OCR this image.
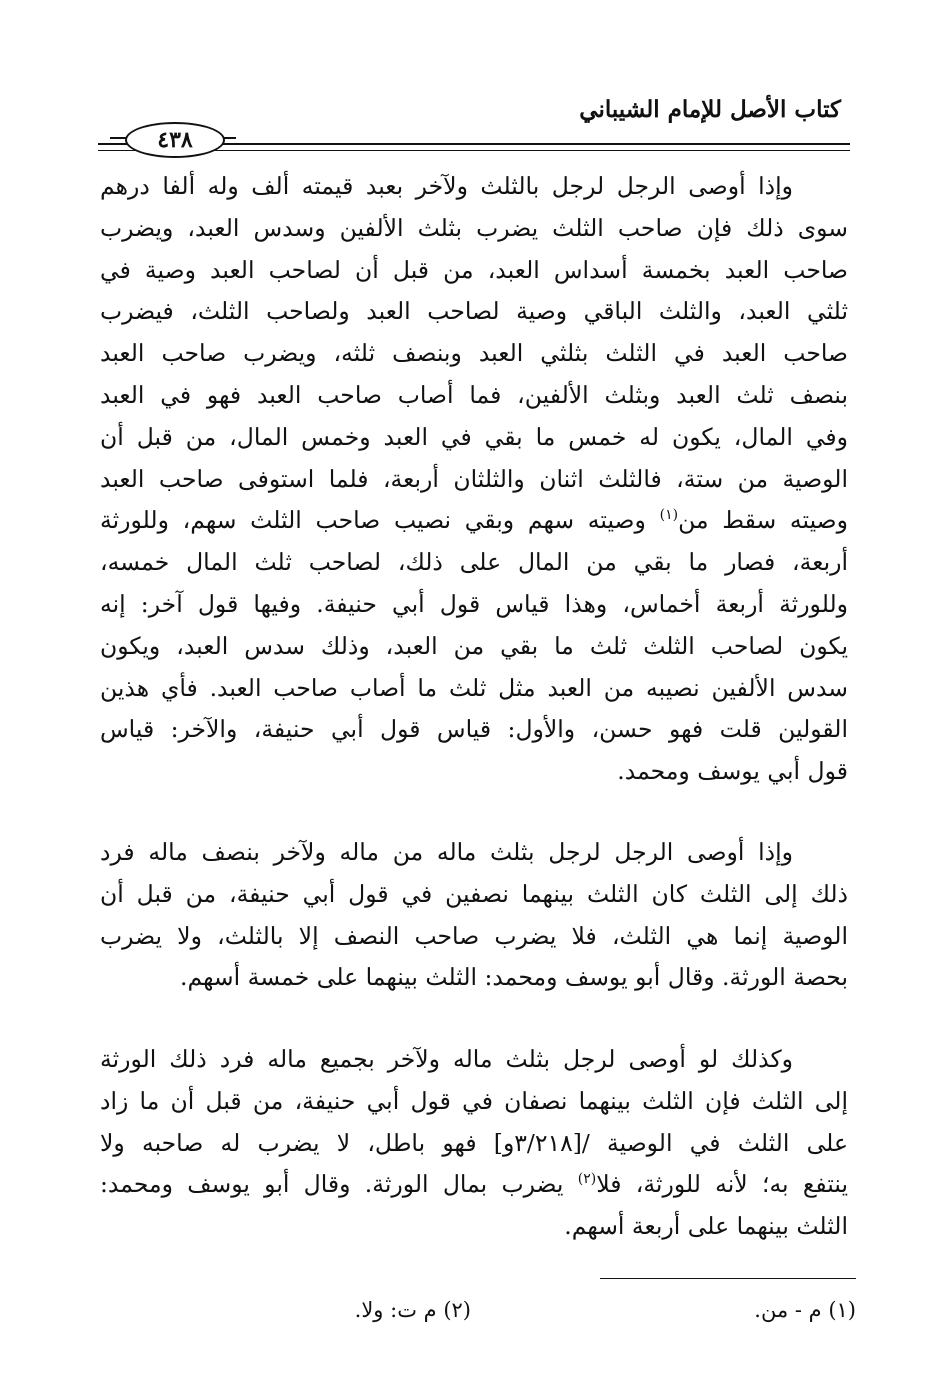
كتاب الأصل للإمام الشيباني
٤٣٨
وإذا أوصى الرجل لرجل بالثلث ولآخر بعبد قيمته ألف وله ألفا درهم
سوى ذلك فإن صاحب الثلث يضرب بثلث الألفين وسدس العبد، ويضرب
صاحب العبد بخمسة أسداس العبد، من قبل أن لصاحب العبد وصية في
ثلثي العبد، والثلث الباقي وصية لصاحب العبد ولصاحب الثلث، فيضرب
صاحب العبد في الثلث بثلثي العبد وبنصف ثلثه، ويضرب صاحب العبد
بنصف ثلث العبد وبثلث الألفين، فما أصاب صاحب العبد فهو في العبد
وفي المال، يكون له خمس ما بقي في العبد وخمس المال، من قبل أن
الوصية من ستة، فالثلث اثنان والثلثان أربعة، فلما استوفى صاحب العبد
وصيته سقط من$^{(١)}$ وصيته سهم وبقي نصيب صاحب الثلث سهم، وللورثة
أربعة، فصار ما بقي من المال على ذلك، لصاحب ثلث المال خمسه،
وللورثة أربعة أخماس، وهذا قياس قول أبي حنيفة. وفيها قول آخر: إنه
يكون لصاحب الثلث ثلث ما بقي من العبد، وذلك سدس العبد، ويكون
سدس الألفين نصيبه من العبد مثل ثلث ما أصاب صاحب العبد. فأي هذين
القولين قلت فهو حسن، والأول: قياس قول أبي حنيفة، والآخر: قياس
قول أبي يوسف ومحمد.
وإذا أوصى الرجل لرجل بثلث ماله من ماله ولآخر بنصف ماله فرد
ذلك إلى الثلث كان الثلث بينهما نصفين في قول أبي حنيفة، من قبل أن
الوصية إنما هي الثلث، فلا يضرب صاحب النصف إلا بالثلث، ولا يضرب
بحصة الورثة. وقال أبو يوسف ومحمد: الثلث بينهما على خمسة أسهم.
وكذلك لو أوصى لرجل بثلث ماله ولآخر بجميع ماله فرد ذلك الورثة
إلى الثلث فإن الثلث بينهما نصفان في قول أبي حنيفة، من قبل أن ما زاد
على الثلث في الوصية /[٣/٢١٨و] فهو باطل، لا يضرب له صاحبه ولا
ينتفع به؛ لأنه للورثة، فلا$^{(٢)}$ يضرب بمال الورثة. وقال أبو يوسف ومحمد:
الثلث بينهما على أربعة أسهم.
(١) م - من.
(٢) م ت: ولا.
